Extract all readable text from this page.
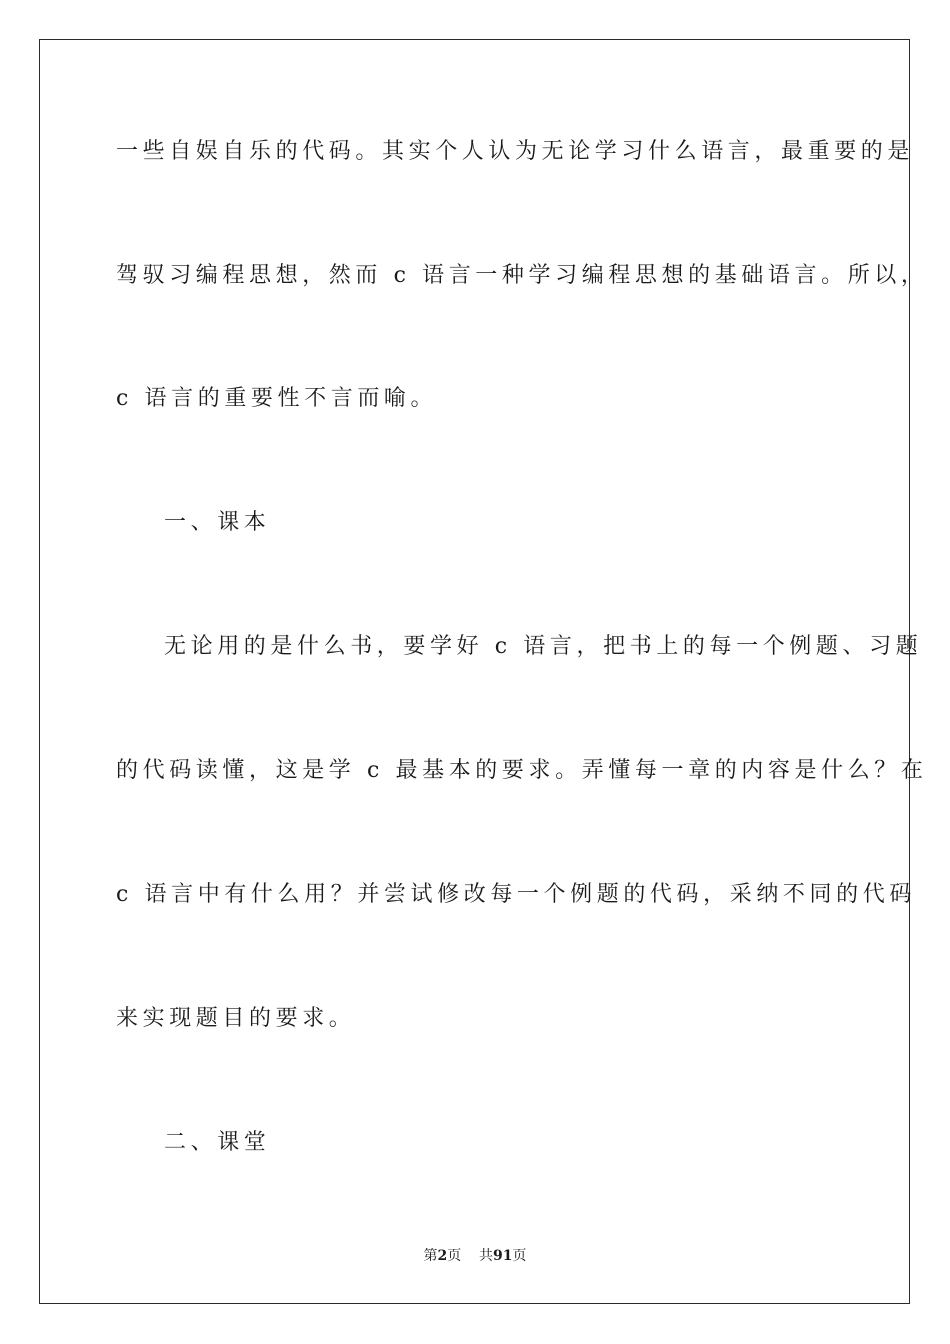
一些自娱自乐的代码。其实个人认为无论学习什么语言，最重要的是
驾驭习编程思想，然而 c 语言一种学习编程思想的基础语言。所以，
c 语言的重要性不言而喻。
一、课本
无论用的是什么书，要学好 c 语言，把书上的每一个例题、习题
的代码读懂，这是学 c 最基本的要求。弄懂每一章的内容是什么？在
c 语言中有什么用？并尝试修改每一个例题的代码，采纳不同的代码
来实现题目的要求。
二、课堂
第2页 共91页
